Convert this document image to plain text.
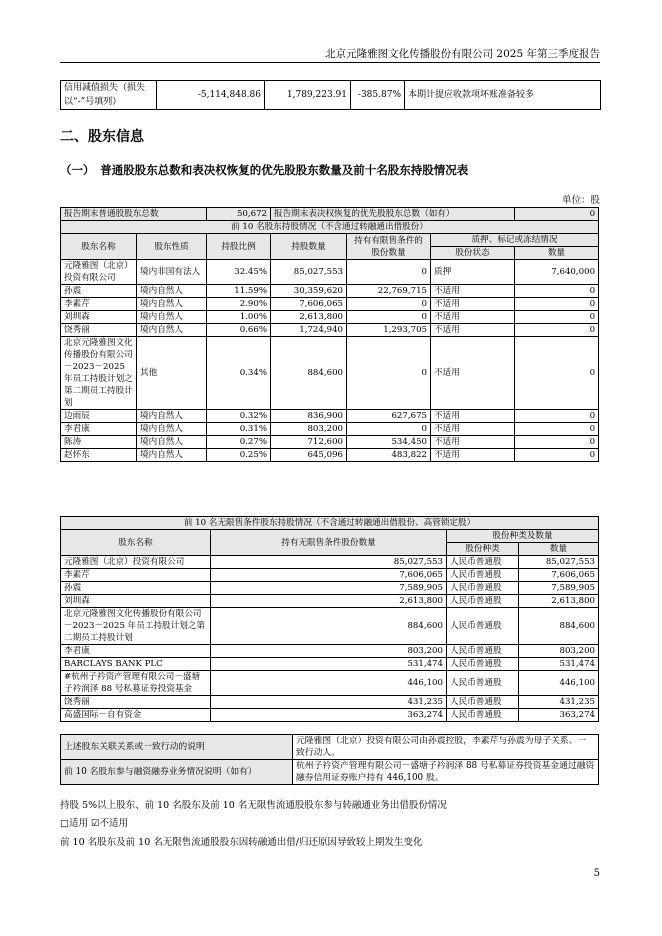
北京元隆雅图文化传播股份有限公司 2025 年第三季度报告
信用减值损失（损失以“-”号填列）	-5,114,848.86	1,789,223.91	-385.87%	本期计提应收款项坏账准备较多
二、股东信息
（一）　普通股股东总数和表决权恢复的优先股股东数量及前十名股东持股情况表
单位：股
报告期末普通股股东总数		50,672	报告期末表决权恢复的优先股股东总数（如有）			0
前 10 名股东持股情况（不含通过转融通出借股份）						
股东名称	股东性质	持股比例	持股数量	持有有限售条件的股份数量	质押、标记或冻结情况	
					股份状态	数量
元隆雅图（北京）投资有限公司	境内非国有法人	32.45%	85,027,553	0	质押	7,640,000
孙震	境内自然人	11.59%	30,359,620	22,769,715	不适用	0
李素芹	境内自然人	2.90%	7,606,065	0	不适用	0
刘圳森	境内自然人	1.00%	2,613,800	0	不适用	0
饶秀丽	境内自然人	0.66%	1,724,940	1,293,705	不适用	0
北京元隆雅图文化传播股份有限公司－2023－2025 年员工持股计划之第二期员工持股计划	其他	0.34%	884,600	0	不适用	0
边雨辰	境内自然人	0.32%	836,900	627,675	不适用	0
李君康	境内自然人	0.31%	803,200	0	不适用	0
陈涛	境内自然人	0.27%	712,600	534,450	不适用	0
赵怀东	境内自然人	0.25%	645,096	483,822	不适用	0
前 10 名无限售条件股东持股情况（不含通过转融通出借股份、高管锁定股）			
股东名称	持有无限售条件股份数量	股份种类及数量	
		股份种类	数量
元隆雅图（北京）投资有限公司	85,027,553	人民币普通股	85,027,553
李素芹	7,606,065	人民币普通股	7,606,065
孙震	7,589,905	人民币普通股	7,589,905
刘圳森	2,613,800	人民币普通股	2,613,800
北京元隆雅图文化传播股份有限公司－2023－2025 年员工持股计划之第二期员工持股计划	884,600	人民币普通股	884,600
李君康	803,200	人民币普通股	803,200
BARCLAYS BANK PLC	531,474	人民币普通股	531,474
#杭州子衿资产管理有限公司－盛塘子衿润泽 88 号私募证券投资基金	446,100	人民币普通股	446,100
饶秀丽	431,235	人民币普通股	431,235
高盛国际－自有资金	363,274	人民币普通股	363,274
上述股东关联关系或一致行动的说明	元隆雅图（北京）投资有限公司由孙震控股，李素芹与孙震为母子关系、一致行动人。
前 10 名股东参与融资融券业务情况说明（如有）	杭州子衿资产管理有限公司－盛塘子衿润泽 88 号私募证券投资基金通过融资融券信用证券账户持有 446,100 股。
持股 5%以上股东、前 10 名股东及前 10 名无限售流通股股东参与转融通业务出借股份情况
□适用 ☑不适用
前 10 名股东及前 10 名无限售流通股股东因转融通出借/归还原因导致较上期发生变化
5
